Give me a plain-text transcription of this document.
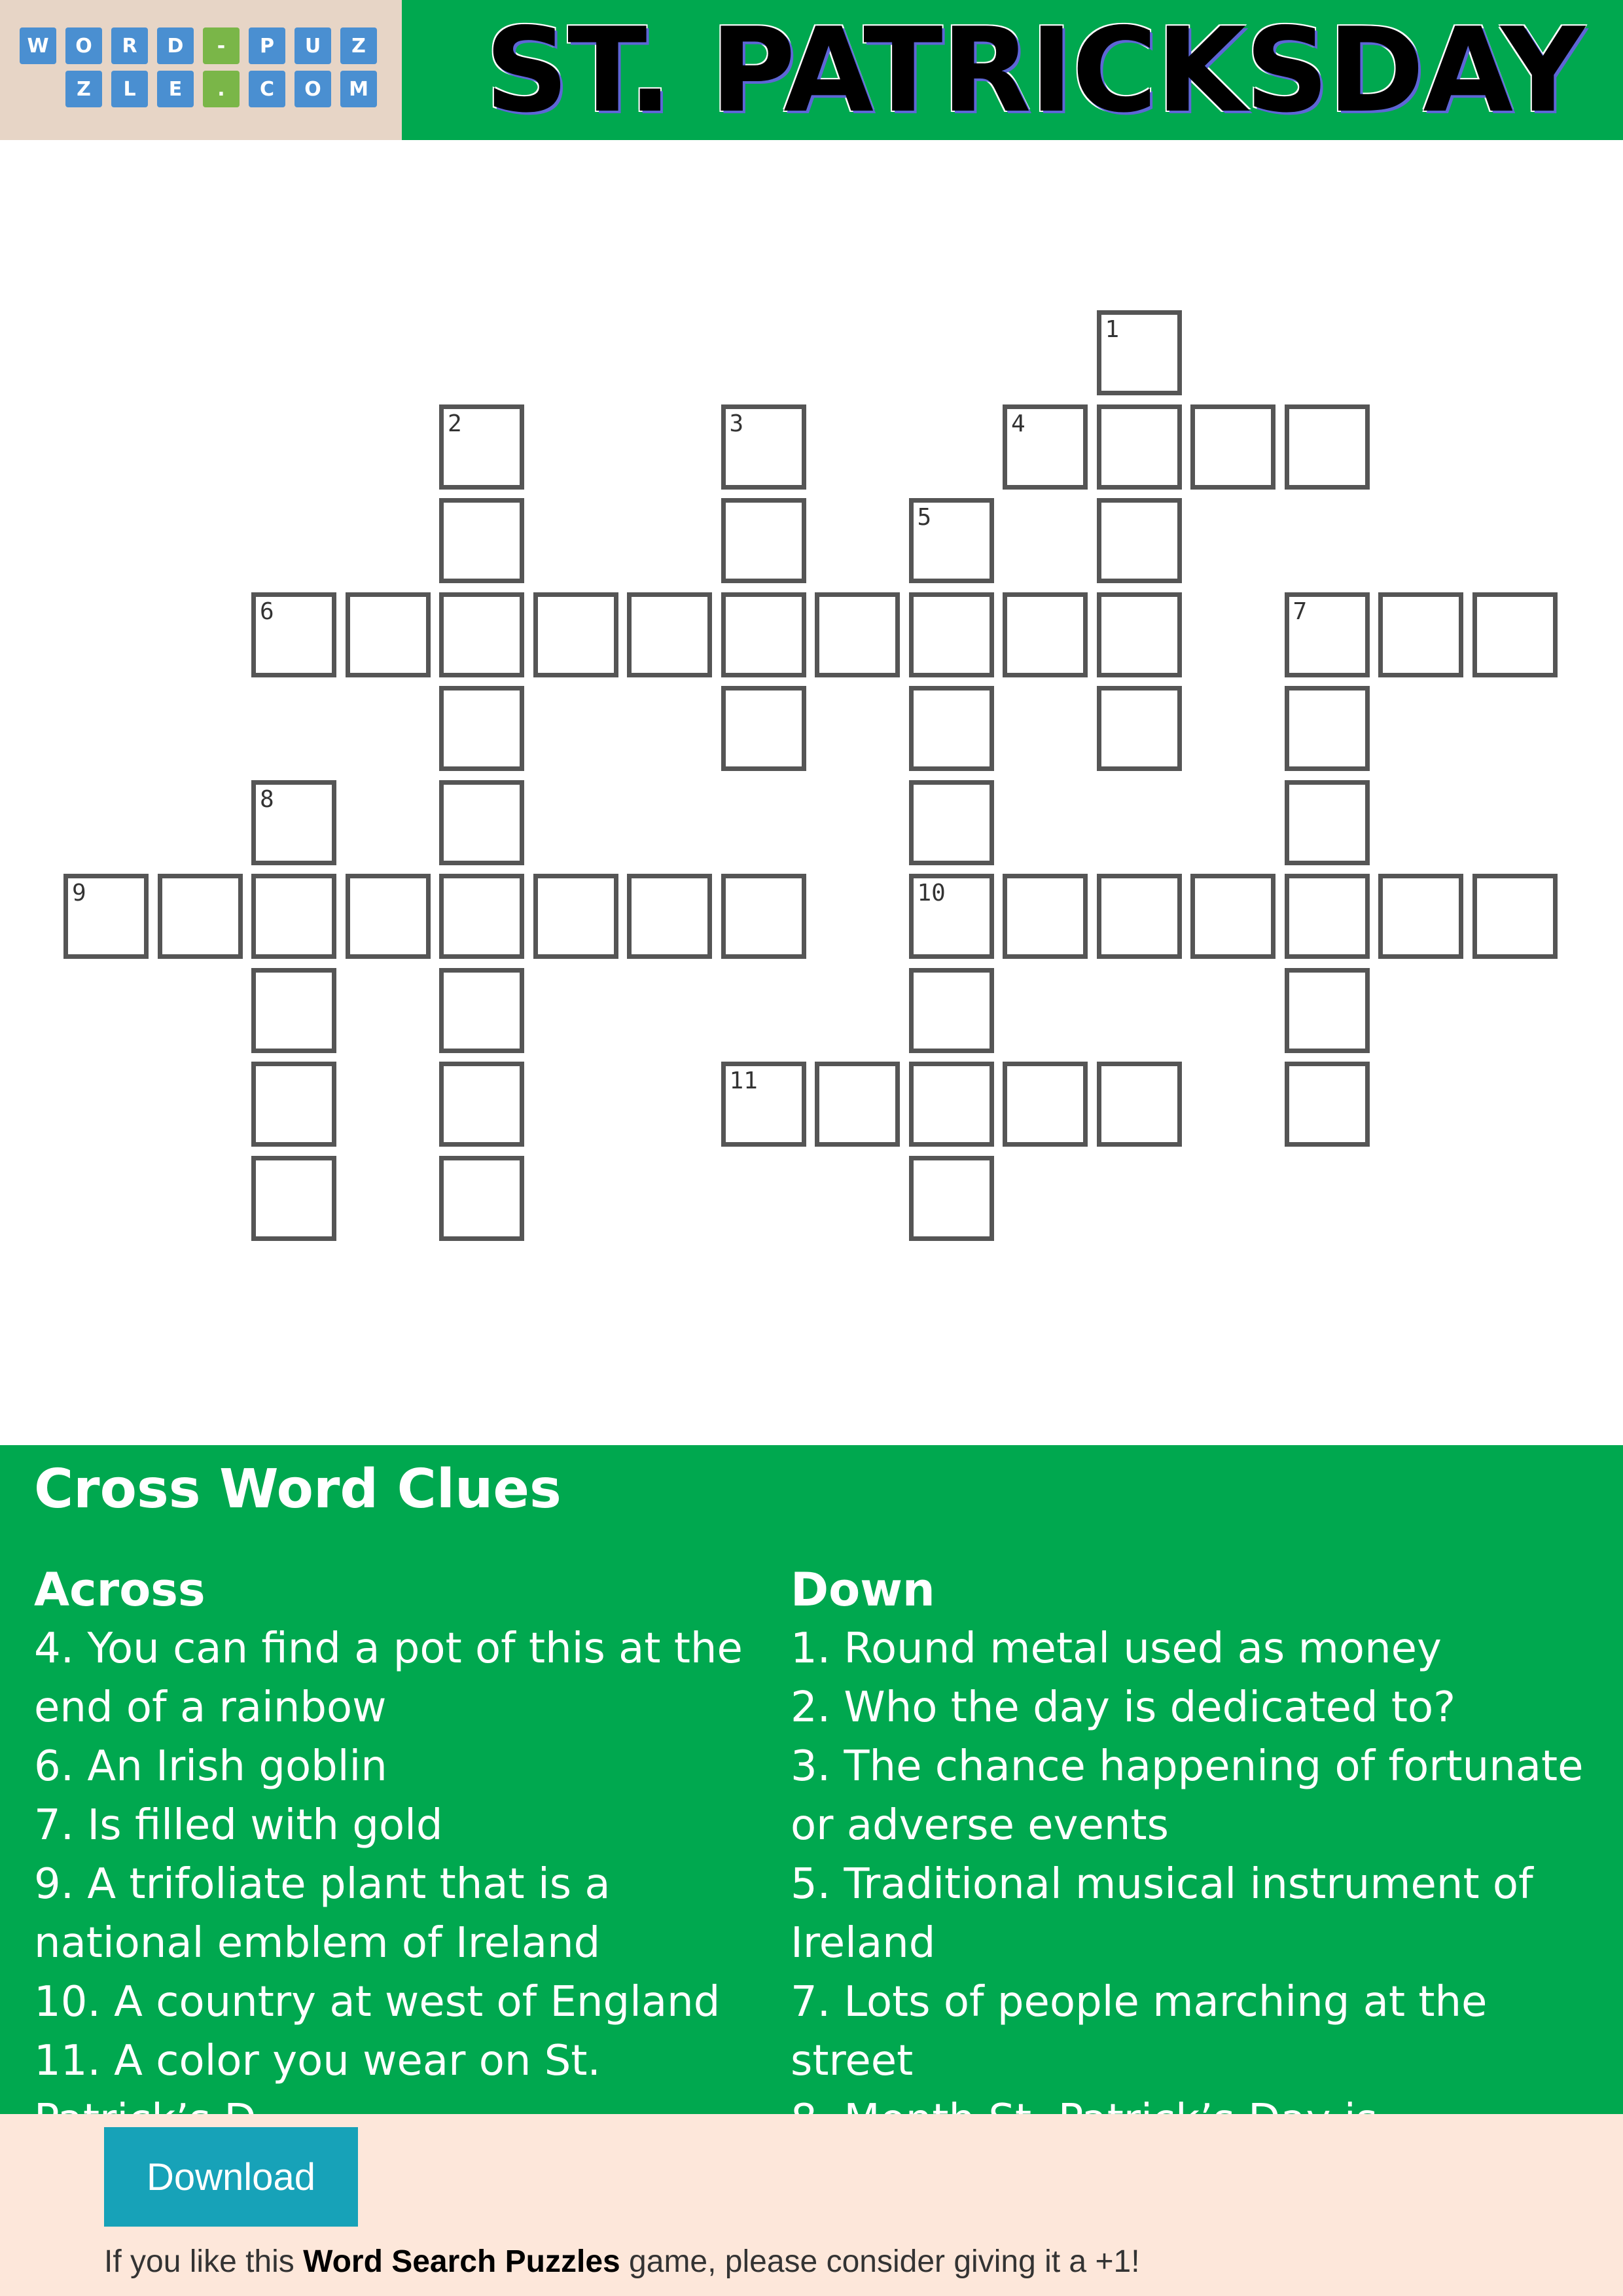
W	O	R	D	-	P	U	Z
Z	L	E	.	C	O	M ST. PATRICKSDAY
1
2	3	4
5
10
6	7
8
9
11
Cross Word Clues
Across	Down
4. You can find a pot of this at the end of a rainbow
6. An Irish goblin
7. Is filled with gold
9. A trifoliate plant that is a national emblem of Ireland
10. A country at west of England
11. A color you wear on St.
1. Round metal used as money
2. Who the day is dedicated to?
3. The chance happening of fortunate or adverse events
5. Traditional musical instrument of Ireland
7. Lots of people marching at the street
Download
If you like this Word Search Puzzles game, please consider giving it a +1!
